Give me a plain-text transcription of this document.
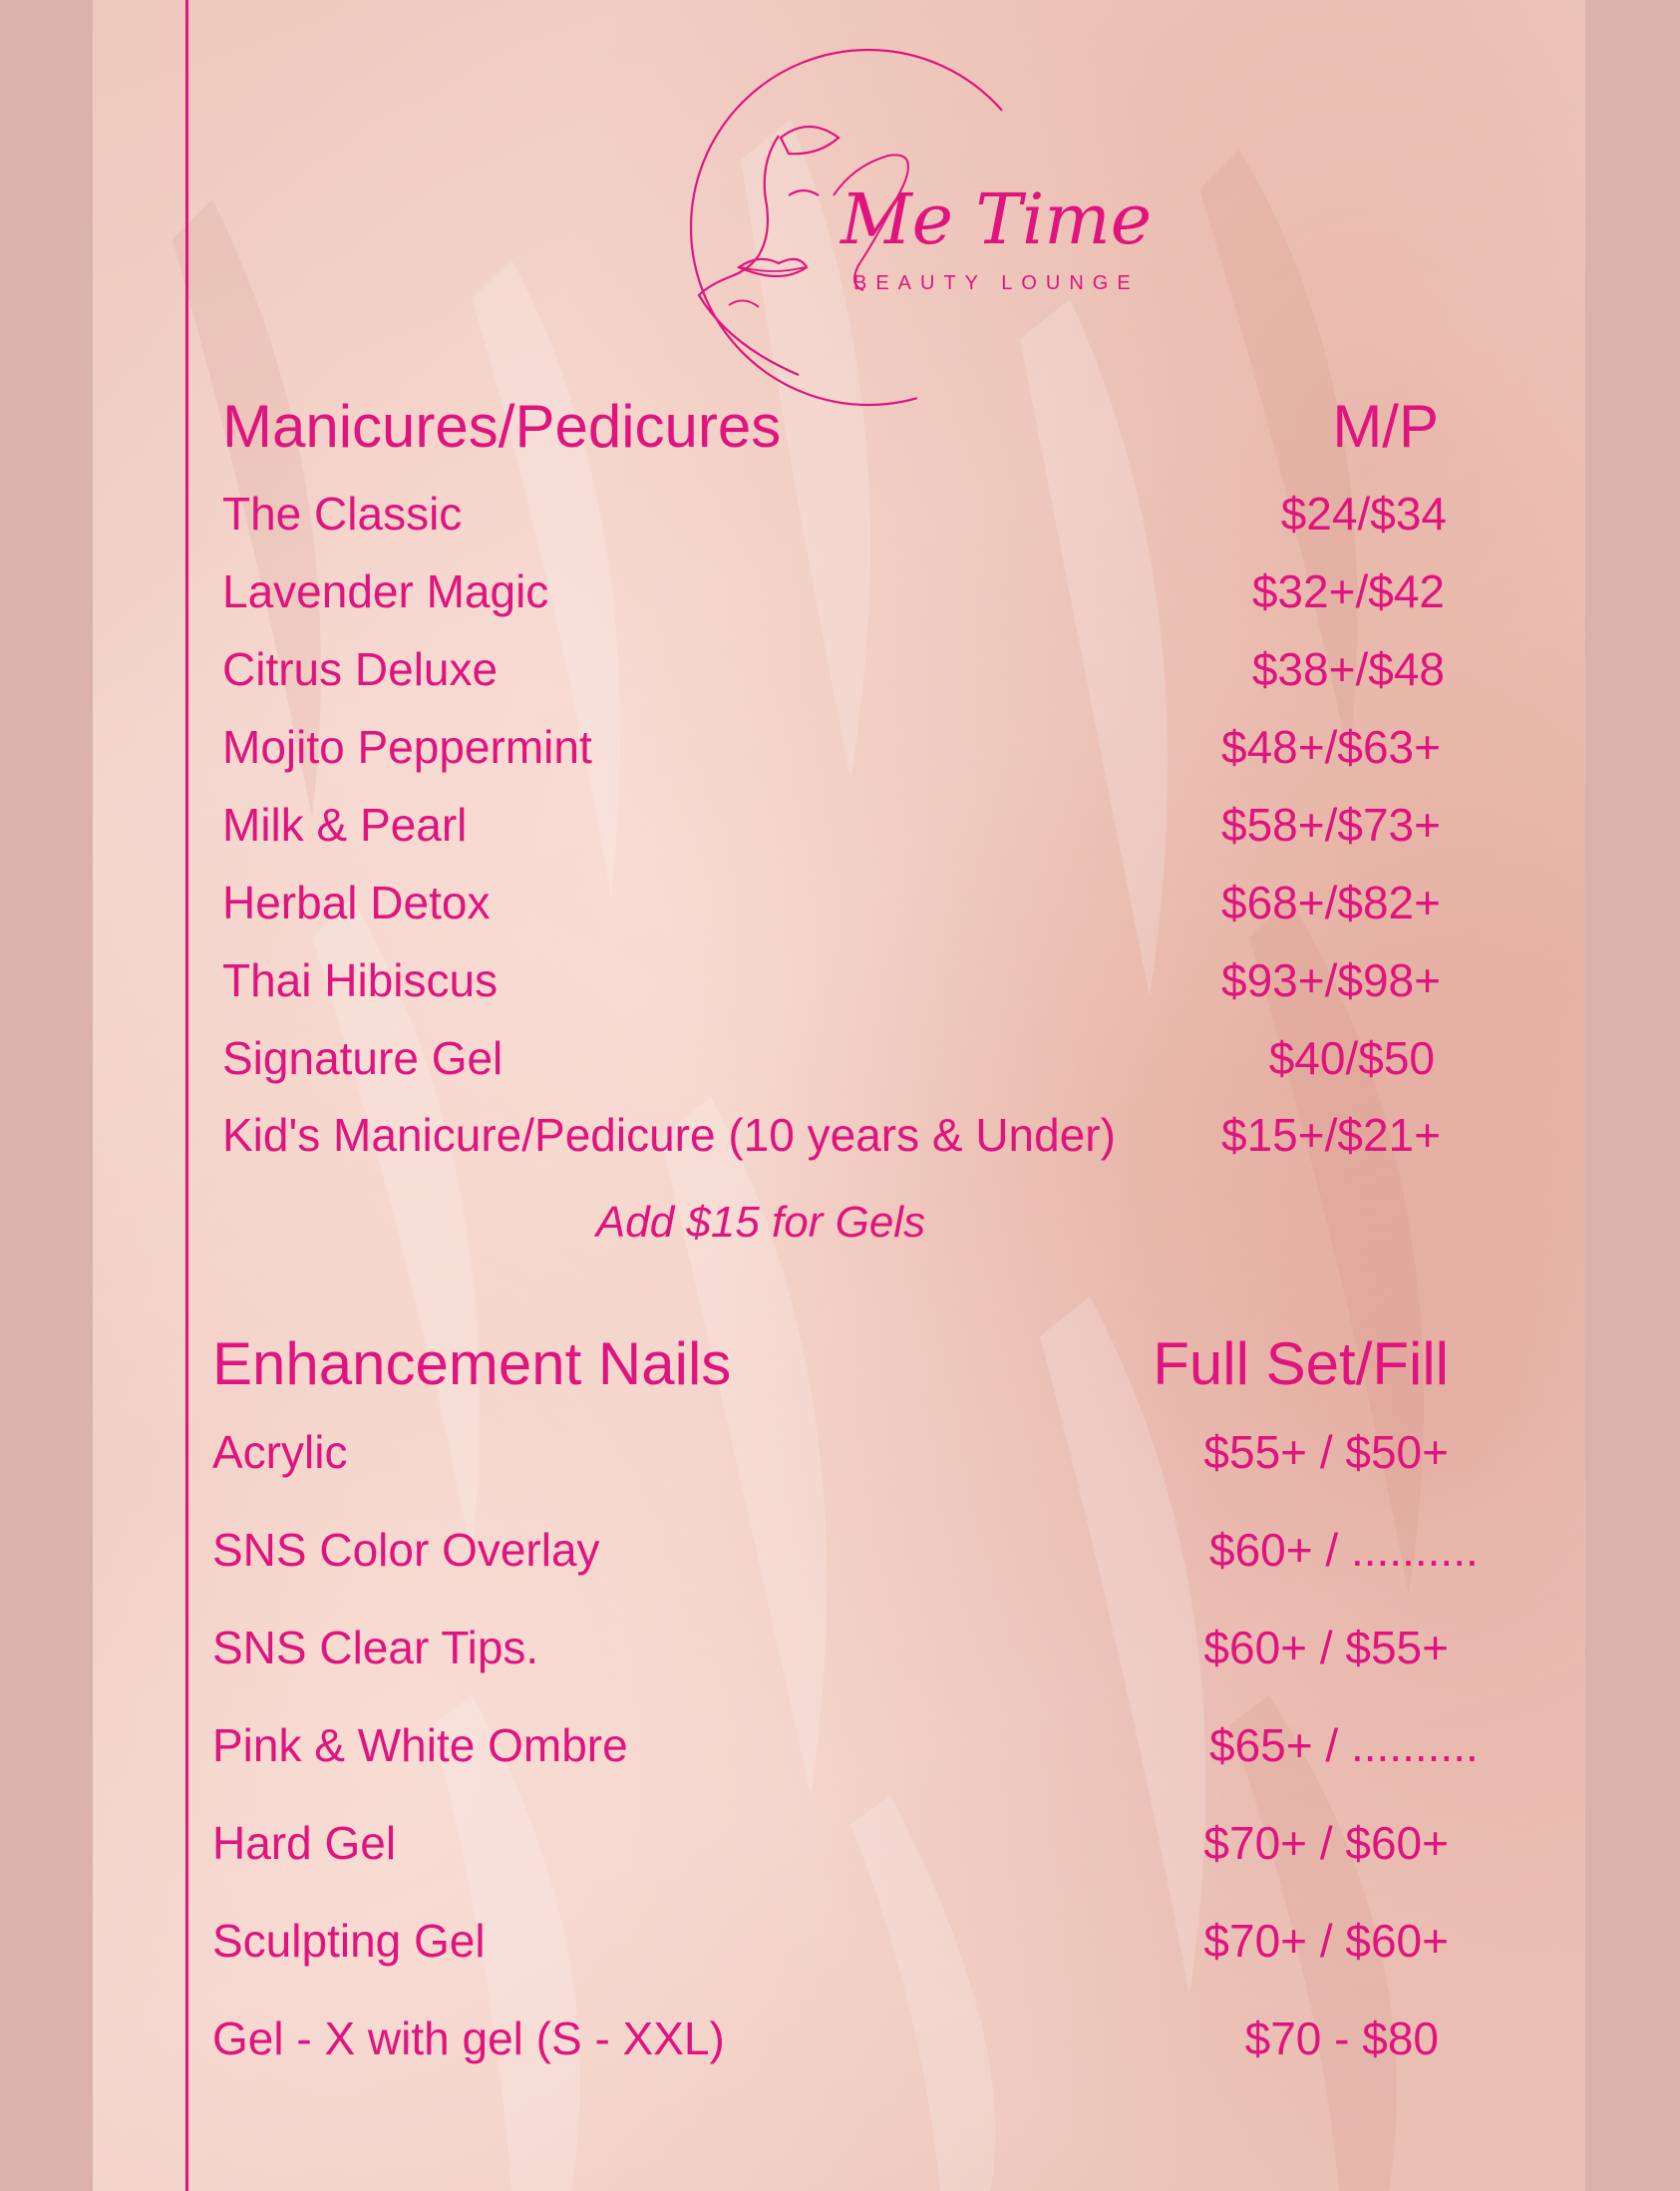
Me Time
BEAUTY LOUNGE
Manicures/Pedicures	M/P
The Classic	$24/$34
Lavender Magic	$32+/$42
Citrus Deluxe	$38+/$48
Mojito Peppermint	$48+/$63+
Milk & Pearl	$58+/$73+
Herbal Detox	$68+/$82+
Thai Hibiscus	$93+/$98+
Signature Gel	$40/$50
Kid's Manicure/Pedicure (10 years & Under)	$15+/$21+
Add $15 for Gels
Enhancement Nails	Full Set/Fill
Acrylic	$55+ / $50+
SNS Color Overlay	$60+ / ..........
SNS Clear Tips.	$60+ / $55+
Pink & White Ombre	$65+ / ..........
Hard Gel	$70+ / $60+
Sculpting Gel	$70+ / $60+
Gel - X with gel (S - XXL)	$70 - $80
